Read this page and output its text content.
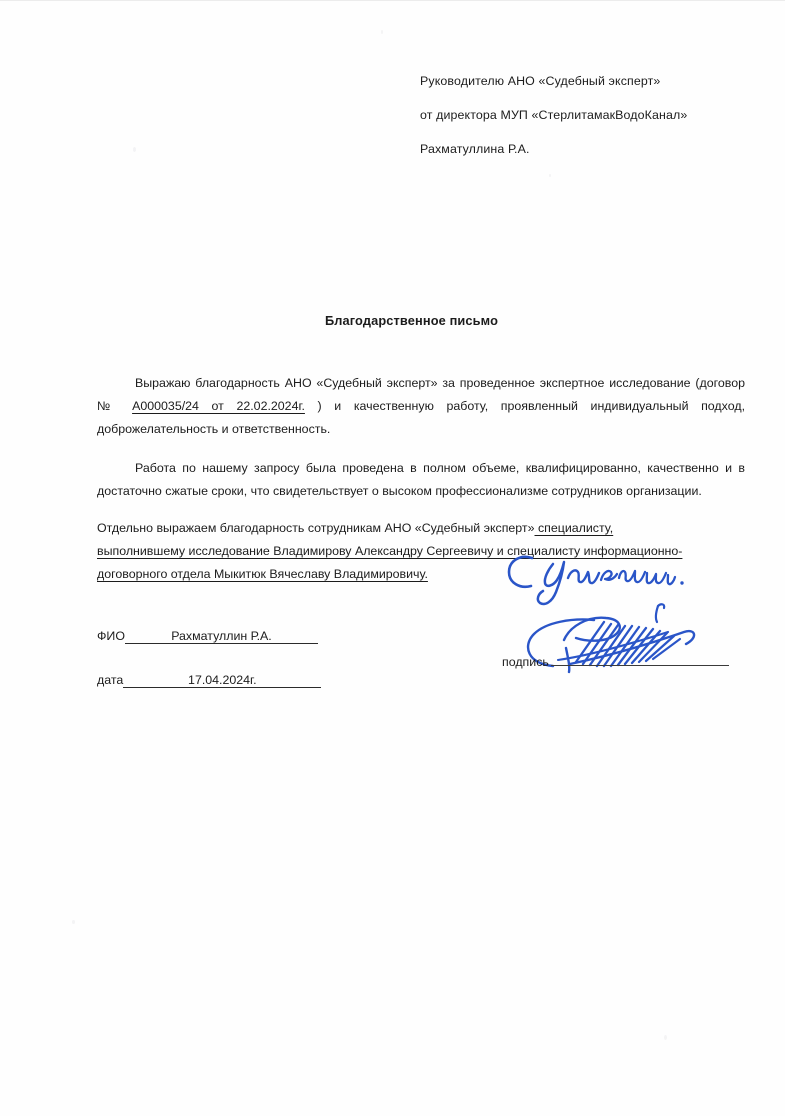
Руководителю АНО «Судебный эксперт»
от директора МУП «СтерлитамакВодоКанал»
Рахматуллина Р.А.
Благодарственное письмо

Выражаю благодарность АНО «Судебный эксперт» за проведенное экспертное исследование (договор № A000035/24 от 22.02.2024г. ) и качественную работу, проявленный индивидуальный подход, доброжелательность и ответственность.

Работа по нашему запросу была проведена в полном объеме, квалифицированно, качественно и в достаточно сжатые сроки, что свидетельствует о высоком профессионализме сотрудников организации.

Отдельно выражаем благодарность сотрудникам АНО «Судебный эксперт» специалисту,
выполнившему исследование Владимирову Александру Сергеевичу и специалисту информационно-
договорного отдела Мыкитюк Вячеславу Владимировичу.

ФИО	Рахматуллин Р.А.
дата	17.04.2024г.
подпись
